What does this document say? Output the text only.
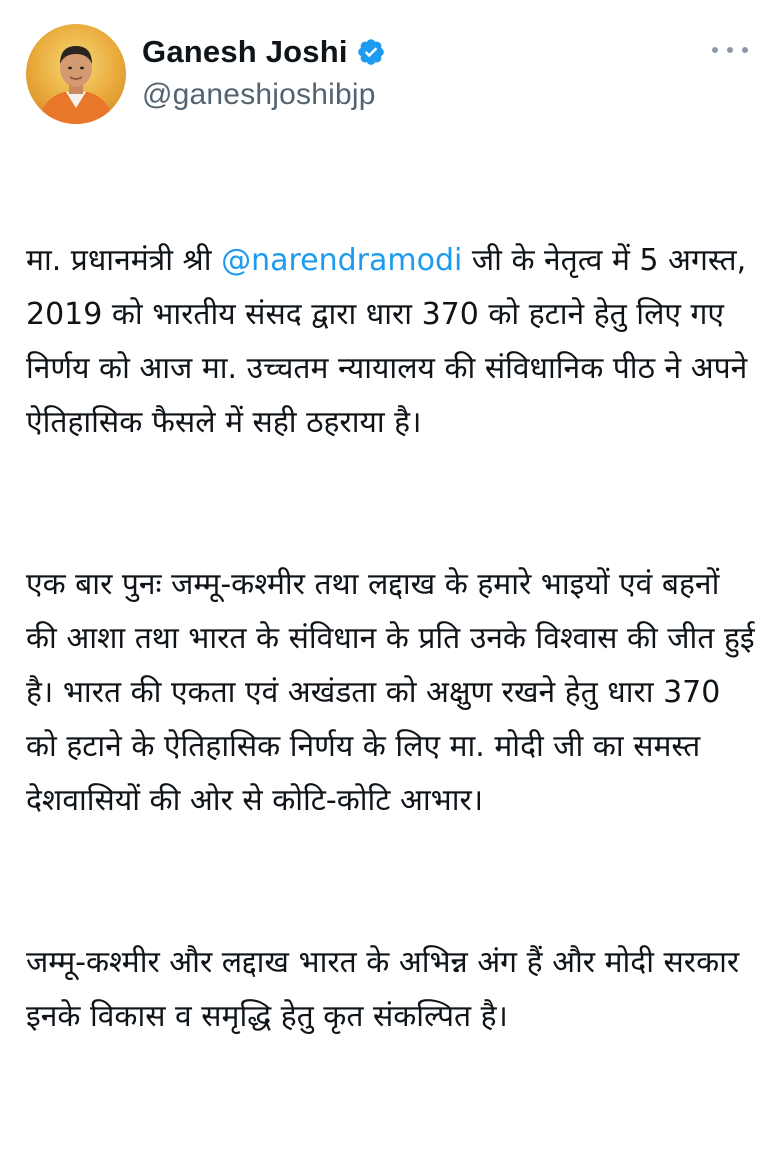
Ganesh Joshi
@ganeshjoshibjp

मा. प्रधानमंत्री श्री @narendramodi जी के नेतृत्व में 5 अगस्त, 2019 को भारतीय संसद द्वारा धारा 370 को हटाने हेतु लिए गए निर्णय को आज मा. उच्चतम न्यायालय की संविधानिक पीठ ने अपने ऐतिहासिक फैसले में सही ठहराया है।

एक बार पुनः जम्मू-कश्मीर तथा लद्दाख के हमारे भाइयों एवं बहनों की आशा तथा भारत के संविधान के प्रति उनके विश्वास की जीत हुई है। भारत की एकता एवं अखंडता को अक्षुण रखने हेतु धारा 370 को हटाने के ऐतिहासिक निर्णय के लिए मा. मोदी जी का समस्त देशवासियों की ओर से कोटि-कोटि आभार।

जम्मू-कश्मीर और लद्दाख भारत के अभिन्न अंग हैं और मोदी सरकार इनके विकास व समृद्धि हेतु कृत संकल्पित है।
